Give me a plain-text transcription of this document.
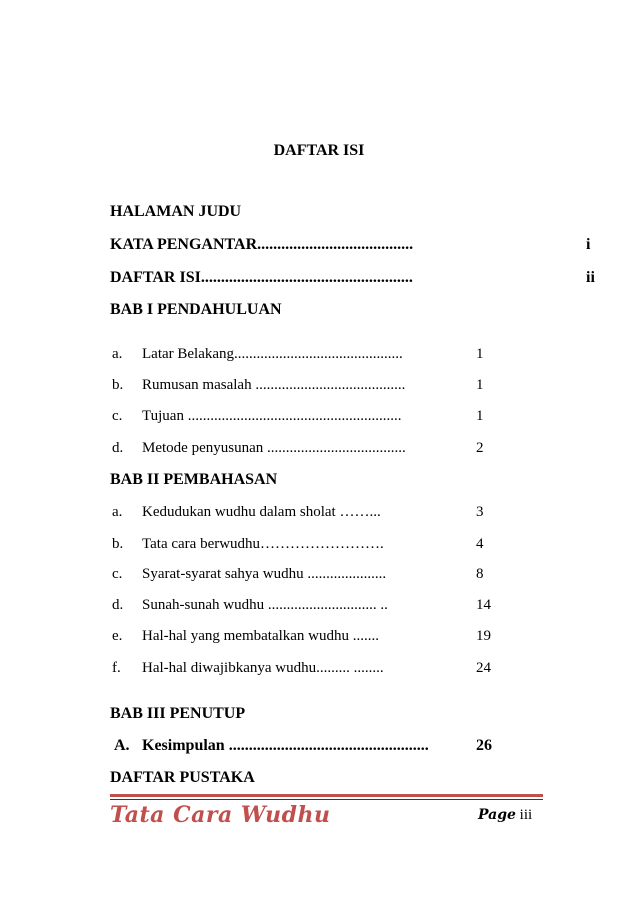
DAFTAR ISI
HALAMAN JUDU
KATA PENGANTAR.......................................	i
DAFTAR ISI.....................................................	ii
BAB I PENDAHULUAN
a. Latar Belakang.............................................	1
b. Rumusan masalah ........................................	1
c. Tujuan .........................................................	1
d. Metode penyusunan .....................................	2
BAB II PEMBAHASAN
a. Kedudukan wudhu dalam sholat ……...	3
b. Tata cara berwudhu…………………….	4
c. Syarat-syarat sahya wudhu .....................	8
d. Sunah-sunah wudhu ............................. ..	14
e. Hal-hal yang membatalkan wudhu .......	19
f. Hal-hal diwajibkanya wudhu......... ........	24
BAB III PENUTUP
A. Kesimpulan ..................................................	26
DAFTAR PUSTAKA
Tata Cara Wudhu	Page iii
